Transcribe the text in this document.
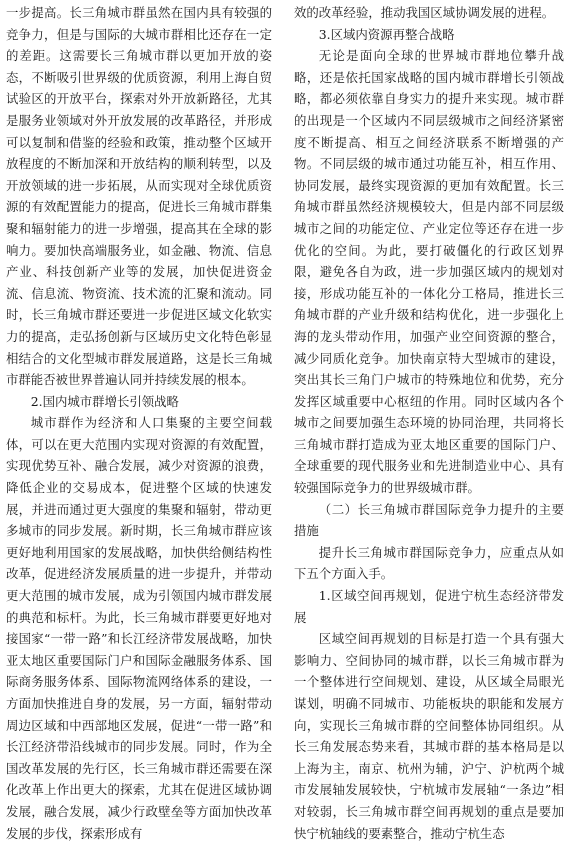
一步提高。长三角城市群虽然在国内具有较强的竞争力，但是与国际的大城市群相比还存在一定的差距。这需要长三角城市群以更加开放的姿态，不断吸引世界级的优质资源，利用上海自贸试验区的开放平台，探索对外开放新路径，尤其是服务业领域对外开放发展的改革路径，并形成可以复制和借鉴的经验和政策，推动整个区域开放程度的不断加深和开放结构的顺利转型，以及开放领域的进一步拓展，从而实现对全球优质资源的有效配置能力的提高，促进长三角城市群集聚和辐射能力的进一步增强，提高其在全球的影响力。要加快高端服务业，如金融、物流、信息产业、科技创新产业等的发展，加快促进资金流、信息流、物资流、技术流的汇聚和流动。同时，长三角城市群还要进一步促进区域文化软实力的提高，走弘扬创新与区域历史文化特色彰显相结合的文化型城市群发展道路，这是长三角城市群能否被世界普遍认同并持续发展的根本。

2.国内城市群增长引领战略

城市群作为经济和人口集聚的主要空间载体，可以在更大范围内实现对资源的有效配置，实现优势互补、融合发展，减少对资源的浪费，降低企业的交易成本，促进整个区域的快速发展，并进而通过更大强度的集聚和辐射，带动更多城市的同步发展。新时期，长三角城市群应该更好地利用国家的发展战略，加快供给侧结构性改革，促进经济发展质量的进一步提升，并带动更大范围的城市发展，成为引领国内城市群发展的典范和标杆。为此，长三角城市群要更好地对接国家“一带一路”和长江经济带发展战略，加快亚太地区重要国际门户和国际金融服务体系、国际商务服务体系、国际物流网络体系的建设，一方面加快推进自身的发展，另一方面，辐射带动周边区域和中西部地区发展，促进“一带一路”和长江经济带沿线城市的同步发展。同时，作为全国改革发展的先行区，长三角城市群还需要在深化改革上作出更大的探索，尤其在促进区域协调发展，融合发展，减少行政壁垒等方面加快改革发展的步伐，探索形成有

效的改革经验，推动我国区域协调发展的进程。

3.区域内资源再整合战略

无论是面向全球的世界城市群地位攀升战略，还是依托国家战略的国内城市群增长引领战略，都必须依靠自身实力的提升来实现。城市群的出现是一个区域内不同层级城市之间经济紧密度不断提高、相互之间经济联系不断增强的产物。不同层级的城市通过功能互补，相互作用、协同发展，最终实现资源的更加有效配置。长三角城市群虽然经济规模较大，但是内部不同层级城市之间的功能定位、产业定位等还存在进一步优化的空间。为此，要打破僵化的行政区划界限，避免各自为政，进一步加强区域内的规划对接，形成功能互补的一体化分工格局，推进长三角城市群的产业升级和结构优化，进一步强化上海的龙头带动作用，加强产业空间资源的整合，减少同质化竞争。加快南京特大型城市的建设，突出其长三角门户城市的特殊地位和优势，充分发挥区域重要中心枢纽的作用。同时区域内各个城市之间要加强生态环境的协同治理，共同将长三角城市群打造成为亚太地区重要的国际门户、全球重要的现代服务业和先进制造业中心、具有较强国际竞争力的世界级城市群。

（二）长三角城市群国际竞争力提升的主要措施

提升长三角城市群国际竞争力，应重点从如下五个方面入手。

1.区域空间再规划，促进宁杭生态经济带发展

区域空间再规划的目标是打造一个具有强大影响力、空间协同的城市群，以长三角城市群为一个整体进行空间规划、建设，从区域全局眼光谋划，明确不同城市、功能板块的职能和发展方向，实现长三角城市群的空间整体协同组织。从长三角发展态势来看，其城市群的基本格局是以上海为主，南京、杭州为辅，沪宁、沪杭两个城市发展轴发展较快，宁杭城市发展轴“一条边”相对较弱，长三角城市群空间再规划的重点是要加快宁杭轴线的要素整合，推动宁杭生态
